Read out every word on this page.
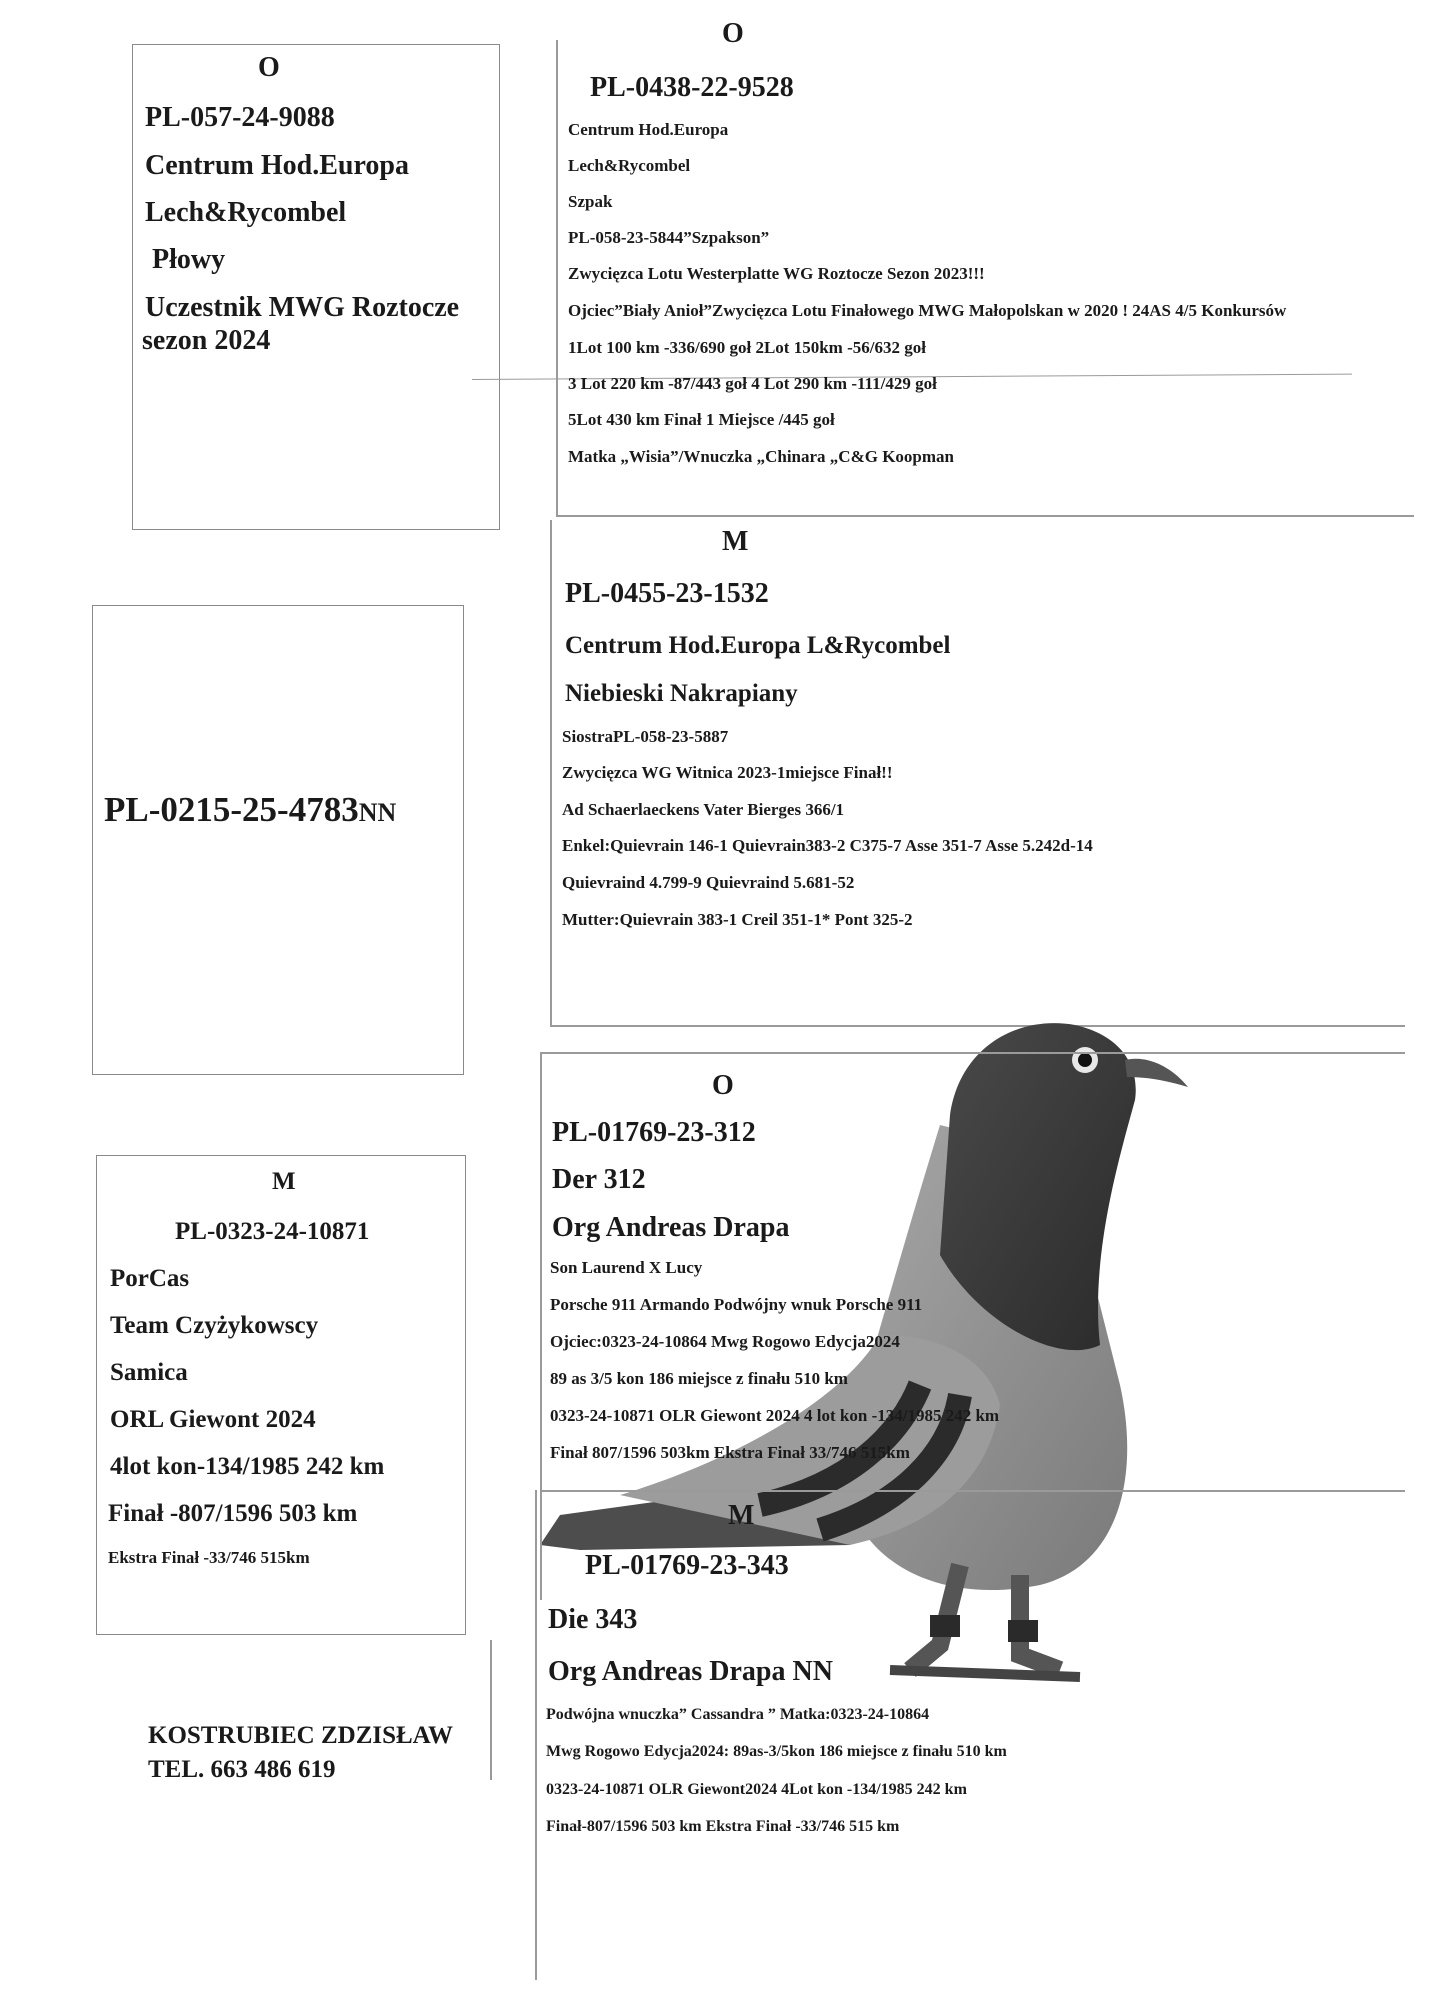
O
PL-057-24-9088
Centrum Hod.Europa
Lech&Rycombel
Płowy
Uczestnik MWG Roztocze
sezon 2024
O
PL-0438-22-9528
Centrum Hod.Europa
Lech&Rycombel
Szpak
PL-058-23-5844”Szpakson”
Zwycięzca Lotu Westerplatte WG Roztocze Sezon 2023!!!
Ojciec”Biały Anioł”Zwycięzca Lotu Finałowego MWG Małopolskan w 2020 ! 24AS 4/5 Konkursów
1Lot 100 km -336/690 goł 2Lot 150km -56/632 goł
3 Lot 220 km -87/443 goł 4 Lot 290 km -111/429 goł
5Lot 430 km Finał 1 Miejsce /445 goł
Matka „Wisia”/Wnuczka „Chinara „C&G Koopman
PL-0215-25-4783NN
M
PL-0455-23-1532
Centrum Hod.Europa L&Rycombel
Niebieski Nakrapiany
SiostraPL-058-23-5887
Zwycięzca WG Witnica 2023-1miejsce Finał!!
Ad Schaerlaeckens Vater Bierges 366/1
Enkel:Quievrain 146-1 Quievrain383-2 C375-7 Asse 351-7 Asse 5.242d-14
Quievraind 4.799-9 Quievraind 5.681-52
Mutter:Quievrain 383-1 Creil 351-1* Pont 325-2
M
PL-0323-24-10871
PorCas
Team Czyżykowscy
Samica
ORL Giewont 2024
4lot kon-134/1985 242 km
Finał -807/1596 503 km
Ekstra Finał -33/746 515km
KOSTRUBIEC ZDZISŁAW
TEL. 663 486 619
O
PL-01769-23-312
Der 312
Org Andreas Drapa
Son Laurend X Lucy
Porsche 911 Armando Podwójny wnuk Porsche 911
Ojciec:0323-24-10864 Mwg Rogowo Edycja2024
89 as 3/5 kon 186 miejsce z finału 510 km
0323-24-10871 OLR Giewont 2024 4 lot kon -134/1985 242 km
Finał 807/1596 503km Ekstra Finał 33/746 515km
M
PL-01769-23-343
Die 343
Org Andreas Drapa NN
Podwójna wnuczka” Cassandra ” Matka:0323-24-10864
Mwg Rogowo Edycja2024: 89as-3/5kon 186 miejsce z finału 510 km
0323-24-10871 OLR Giewont2024 4Lot kon -134/1985 242 km
Finał-807/1596 503 km Ekstra Finał -33/746 515 km
